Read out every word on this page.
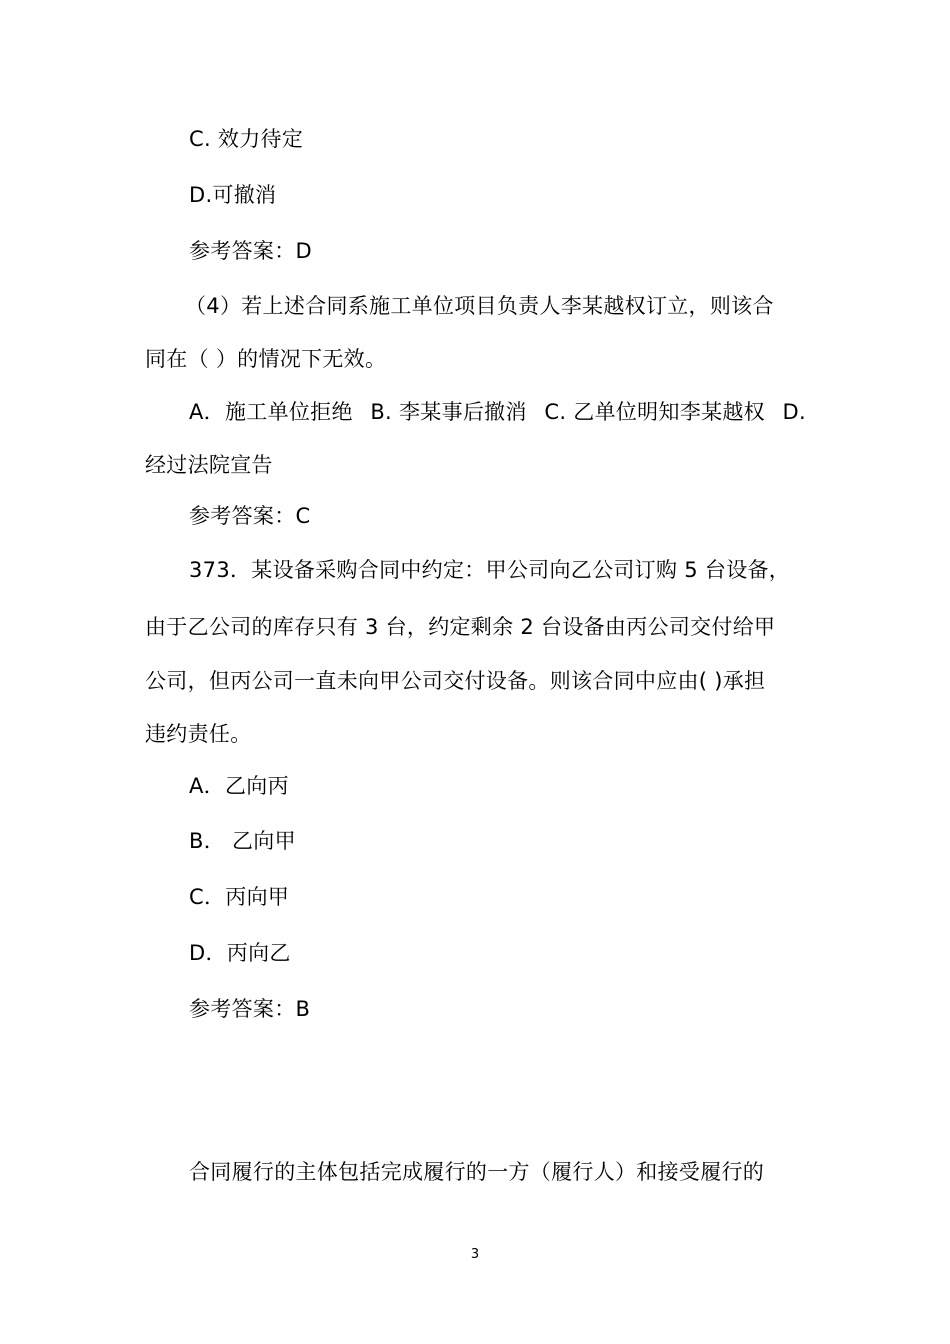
C. 效力待定
D.可撤消
参考答案：D
（4）若上述合同系施工单位项目负责人李某越权订立，则该合
同在（ ）的情况下无效。
A．施工单位拒绝 B. 李某事后撤消 C. 乙单位明知李某越权 D.
经过法院宣告
参考答案：C
373．某设备采购合同中约定：甲公司向乙公司订购 5 台设备，
由于乙公司的库存只有 3 台，约定剩余 2 台设备由丙公司交付给甲
公司，但丙公司一直未向甲公司交付设备。则该合同中应由( )承担
违约责任。
A．乙向丙
B． 乙向甲
C．丙向甲
D．丙向乙
参考答案：B
合同履行的主体包括完成履行的一方（履行人）和接受履行的
3
